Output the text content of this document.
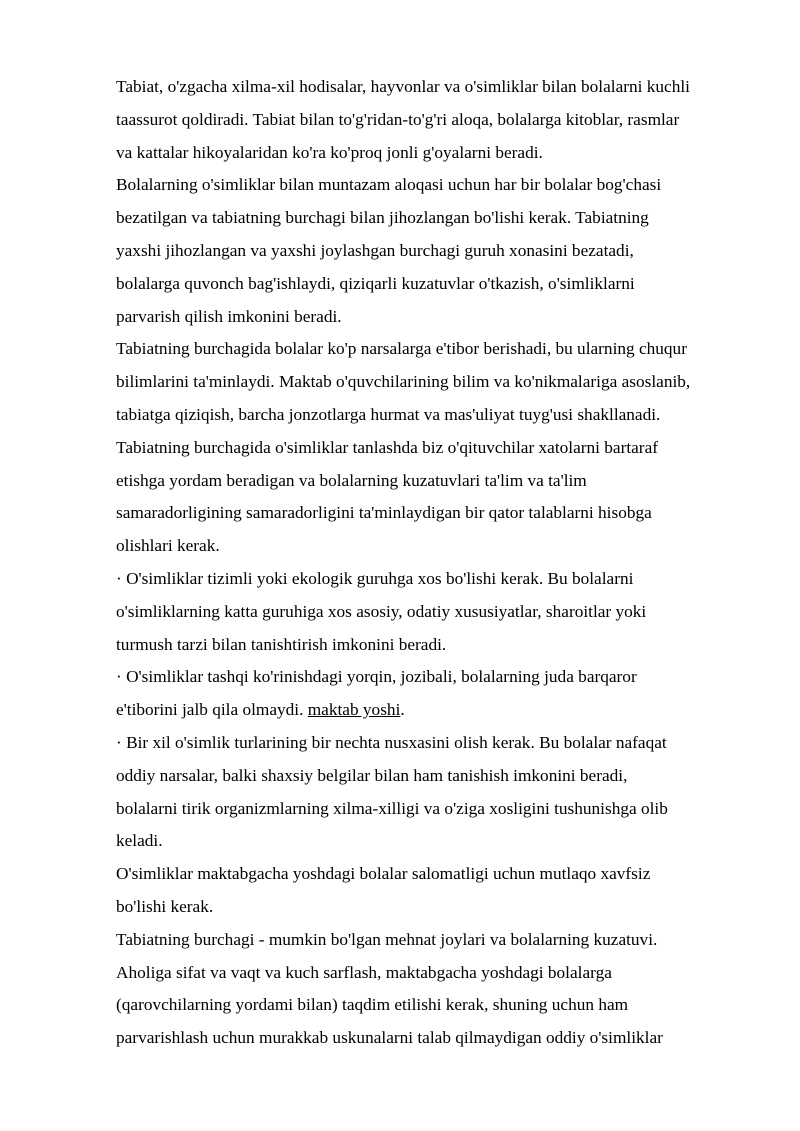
Tabiat, o'zgacha xilma-xil hodisalar, hayvonlar va o'simliklar bilan bolalarni kuchli
taassurot qoldiradi. Tabiat bilan to'g'ridan-to'g'ri aloqa, bolalarga kitoblar, rasmlar
va kattalar hikoyalaridan ko'ra ko'proq jonli g'oyalarni beradi.

Bolalarning o'simliklar bilan muntazam aloqasi uchun har bir bolalar bog'chasi
bezatilgan va tabiatning burchagi bilan jihozlangan bo'lishi kerak. Tabiatning
yaxshi jihozlangan va yaxshi joylashgan burchagi guruh xonasini bezatadi,
bolalarga quvonch bag'ishlaydi, qiziqarli kuzatuvlar o'tkazish, o'simliklarni
parvarish qilish imkonini beradi.

Tabiatning burchagida bolalar ko'p narsalarga e'tibor berishadi, bu ularning chuqur
bilimlarini ta'minlaydi. Maktab o'quvchilarining bilim va ko'nikmalariga asoslanib,
tabiatga qiziqish, barcha jonzotlarga hurmat va mas'uliyat tuyg'usi shakllanadi.

Tabiatning burchagida o'simliklar tanlashda biz o'qituvchilar xatolarni bartaraf
etishga yordam beradigan va bolalarning kuzatuvlari ta'lim va ta'lim
samaradorligining samaradorligini ta'minlaydigan bir qator talablarni hisobga
olishlari kerak.

· O'simliklar tizimli yoki ekologik guruhga xos bo'lishi kerak. Bu bolalarni
o'simliklarning katta guruhiga xos asosiy, odatiy xususiyatlar, sharoitlar yoki
turmush tarzi bilan tanishtirish imkonini beradi.

· O'simliklar tashqi ko'rinishdagi yorqin, jozibali, bolalarning juda barqaror
e'tiborini jalb qila olmaydi. maktab yoshi.

· Bir xil o'simlik turlarining bir nechta nusxasini olish kerak. Bu bolalar nafaqat
oddiy narsalar, balki shaxsiy belgilar bilan ham tanishish imkonini beradi,
bolalarni tirik organizmlarning xilma-xilligi va o'ziga xosligini tushunishga olib
keladi.

O'simliklar maktabgacha yoshdagi bolalar salomatligi uchun mutlaqo xavfsiz
bo'lishi kerak.

Tabiatning burchagi - mumkin bo'lgan mehnat joylari va bolalarning kuzatuvi.
Aholiga sifat va vaqt va kuch sarflash, maktabgacha yoshdagi bolalarga
(qarovchilarning yordami bilan) taqdim etilishi kerak, shuning uchun ham
parvarishlash uchun murakkab uskunalarni talab qilmaydigan oddiy o'simliklar
